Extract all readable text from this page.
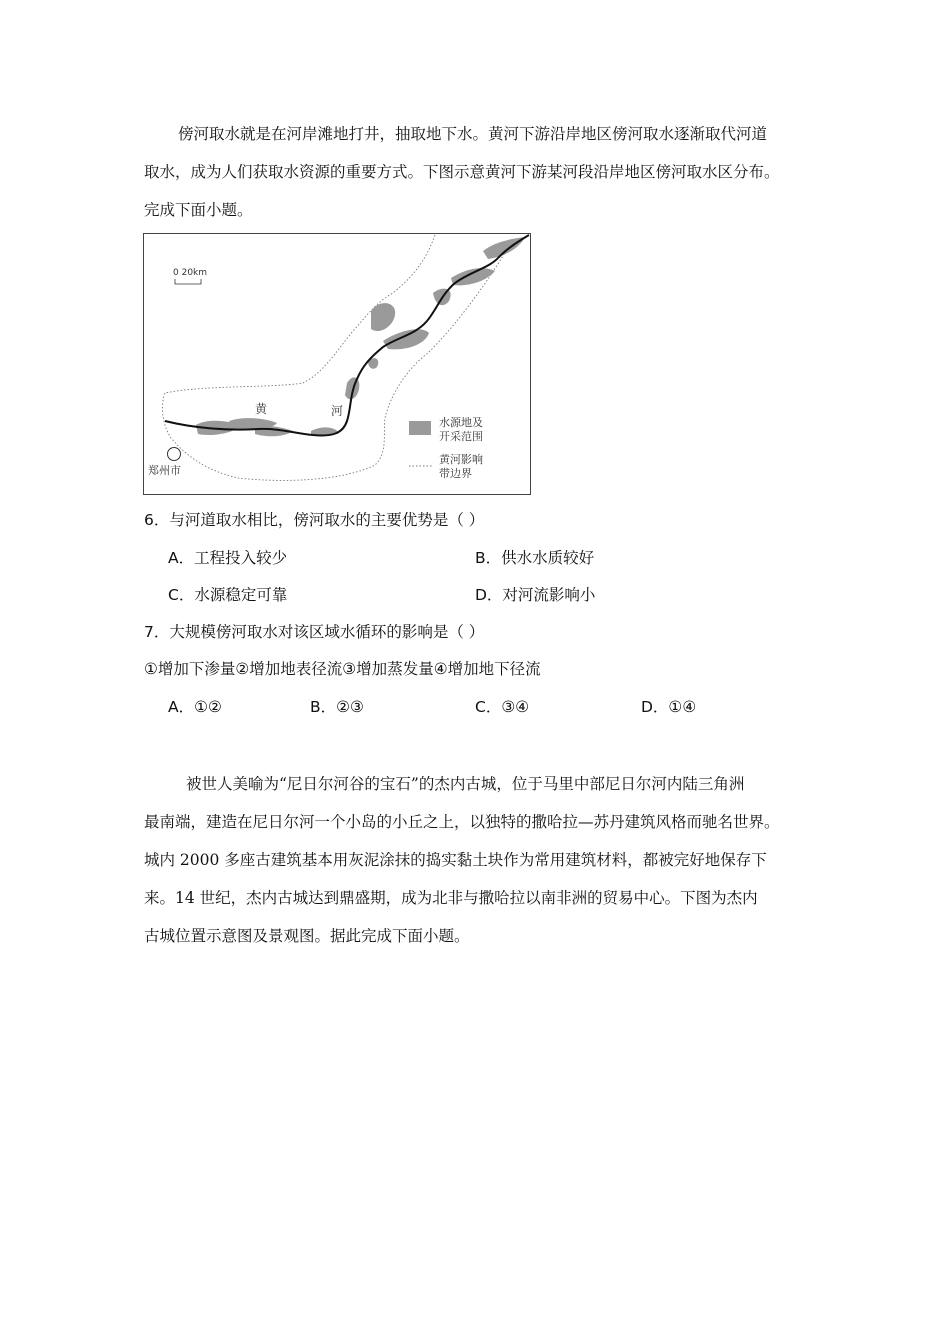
傍河取水就是在河岸滩地打井，抽取地下水。黄河下游沿岸地区傍河取水逐渐取代河道
取水，成为人们获取水资源的重要方式。下图示意黄河下游某河段沿岸地区傍河取水区分布。
完成下面小题。
0 20km
黄	河
郑州市
水源地及
开采范围
黄河影响
带边界
6．与河道取水相比，傍河取水的主要优势是（ ）
A．工程投入较少	B．供水水质较好
C．水源稳定可靠	D．对河流影响小
7．大规模傍河取水对该区域水循环的影响是（ ）
①增加下渗量②增加地表径流③增加蒸发量④增加地下径流
A．①②	B．②③	C．③④	D．①④
被世人美喻为“尼日尔河谷的宝石”的杰内古城，位于马里中部尼日尔河内陆三角洲
最南端，建造在尼日尔河一个小岛的小丘之上，以独特的撒哈拉—苏丹建筑风格而驰名世界。
城内 2000 多座古建筑基本用灰泥涂抹的捣实黏土块作为常用建筑材料，都被完好地保存下
来。14 世纪，杰内古城达到鼎盛期，成为北非与撒哈拉以南非洲的贸易中心。下图为杰内
古城位置示意图及景观图。据此完成下面小题。
